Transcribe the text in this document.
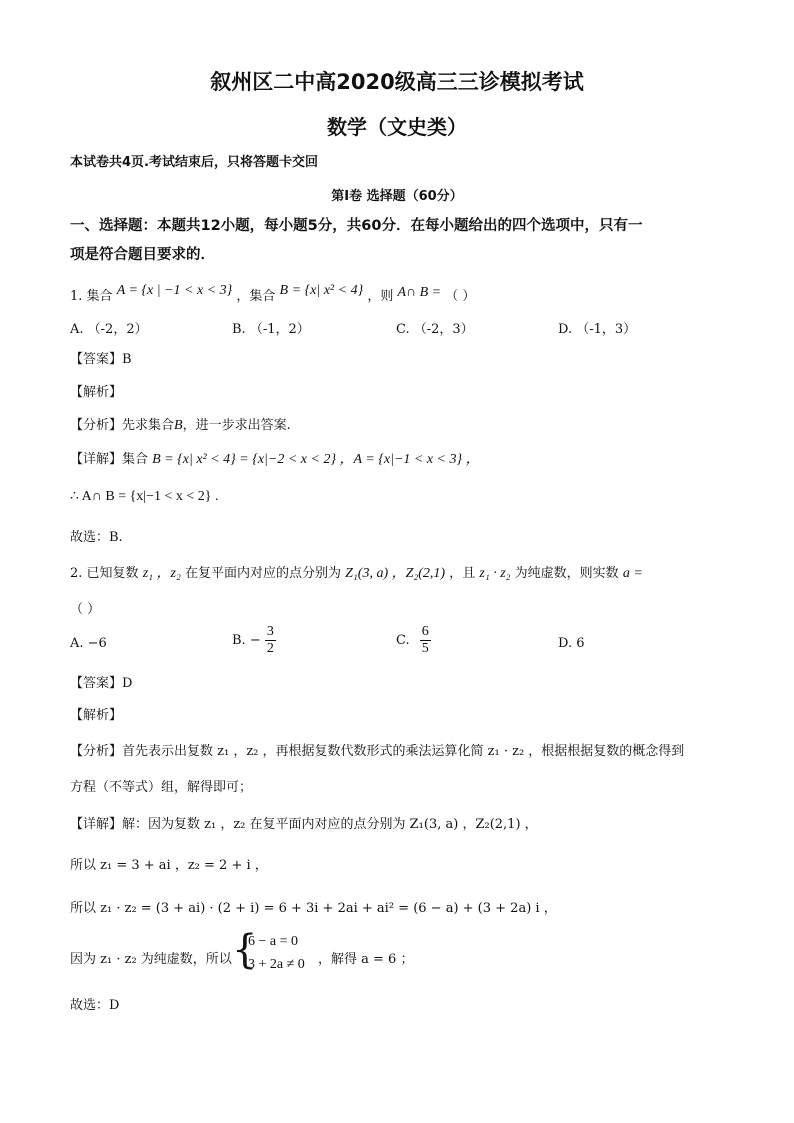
叙州区二中高2020级高三三诊模拟考试
数学（文史类）
本试卷共4页.考试结束后，只将答题卡交回
第I卷 选择题（60分）
一、选择题：本题共12小题，每小题5分，共60分．在每小题给出的四个选项中，只有一
项是符合题目要求的．
1. 集合 A = {x | −1 < x < 3} ，集合 B = {x| x² < 4} ，则 A∩ B = （ ）
A. （-2，2）	B. （-1，2）	C. （-2，3）	D. （-1，3）
【答案】B
【解析】
【分析】先求集合B，进一步求出答案.
【详解】集合 B = {x| x² < 4} = {x|−2 < x < 2} ，A = {x|−1 < x < 3} ，
∴ A∩ B = {x|−1 < x < 2} .
故选：B.
2. 已知复数 z₁ ，z₂ 在复平面内对应的点分别为 Z₁(3, a) ，Z₂(2,1) ，且 z₁ · z₂ 为纯虚数，则实数 a =
（ ）
A. −6	B. − $\frac{3}{2}$	C. $\frac{6}{5}$	D. 6
【答案】D
【解析】
【分析】首先表示出复数 z₁ ，z₂ ，再根据复数代数形式的乘法运算化简 z₁ · z₂ ，根据根据复数的概念得到
方程（不等式）组，解得即可；
【详解】解：因为复数 z₁ ，z₂ 在复平面内对应的点分别为 Z₁(3, a) ，Z₂(2,1) ，
所以 z₁ = 3 + ai ，z₂ = 2 + i ，
所以 z₁ · z₂ = (3 + ai) · (2 + i) = 6 + 3i + 2ai + ai² = (6 − a) + (3 + 2a) i ，
因为 z₁ · z₂ 为纯虚数，所以 {
6 − a = 0
3 + 2a ≠ 0 ，解得 a = 6 ；
故选：D
